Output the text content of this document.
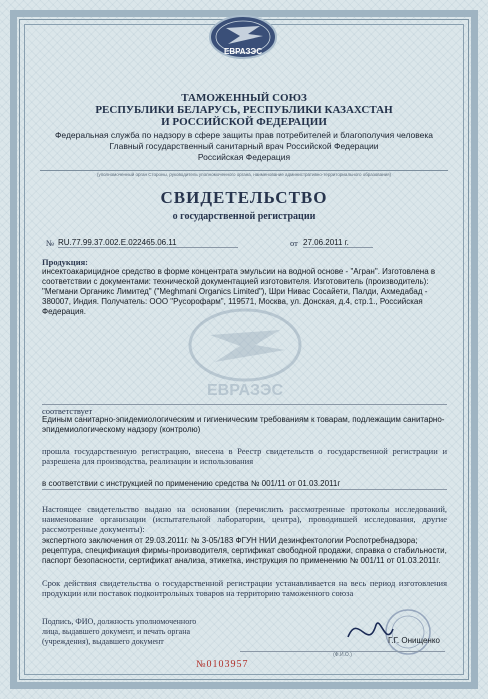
ЕВРАЗЭС
ТАМОЖЕННЫЙ СОЮЗ
РЕСПУБЛИКИ БЕЛАРУСЬ, РЕСПУБЛИКИ КАЗАХСТАН
И РОССИЙСКОЙ ФЕДЕРАЦИИ
Федеральная служба по надзору в сфере защиты прав потребителей и благополучия человека
Главный государственный санитарный врач Российской Федерации
Российская Федерация
(уполномоченный орган Стороны, руководитель уполномоченного органа, наименование административно-территориального образования)
СВИДЕТЕЛЬСТВО
о государственной регистрации
№ RU.77.99.37.002.Е.022465.06.11	от 27.06.2011 г.
Продукция:
инсектоакарицидное средство в форме концентрата эмульсии на водной основе - "Агран". Изготовлена в соответствии с документами: технической документацией изготовителя. Изготовитель (производитель): "Мегмани Органикс Лимитед" ("Meghmani Organics Limited"), Шри Нивас Сосайети, Палди, Ахмедабад - 380007, Индия. Получатель: ООО "Русорофарм", 119571, Москва, ул. Донская, д.4, стр.1., Российская Федерация.
ЕВРАЗЭС
соответствует
Единым санитарно-эпидемиологическим и гигиеническим требованиям к товарам, подлежащим санитарно-эпидемиологическому надзору (контролю)
прошла государственную регистрацию, внесена в Реестр свидетельств о государственной регистрации и разрешена для производства, реализации и использования
в соответствии с инструкцией по применению средства № 001/11 от 01.03.2011г
Настоящее свидетельство выдано на основании (перечислить рассмотренные протоколы исследований, наименование организации (испытательной лаборатории, центра), проводившей исследования, другие рассмотренные документы):
экспертного заключения от 29.03.2011г. № 3-05/183 ФГУН НИИ дезинфектологии Роспотребнадзора; рецептура, спецификация фирмы-производителя, сертификат свободной продажи, справка о стабильности, паспорт безопасности, сертификат анализа, этикетка, инструкция по применению № 001/11 от 01.03.2011г.
Срок действия свидетельства о государственной регистрации устанавливается на весь период изготовления продукции или поставок подконтрольных товаров на территорию таможенного союза
Подпись, ФИО, должность уполномоченного лица, выдавшего документ, и печать органа (учреждения), выдавшего документ	Г.Г. Онищенко
(Ф.И.О.)
№0103957
